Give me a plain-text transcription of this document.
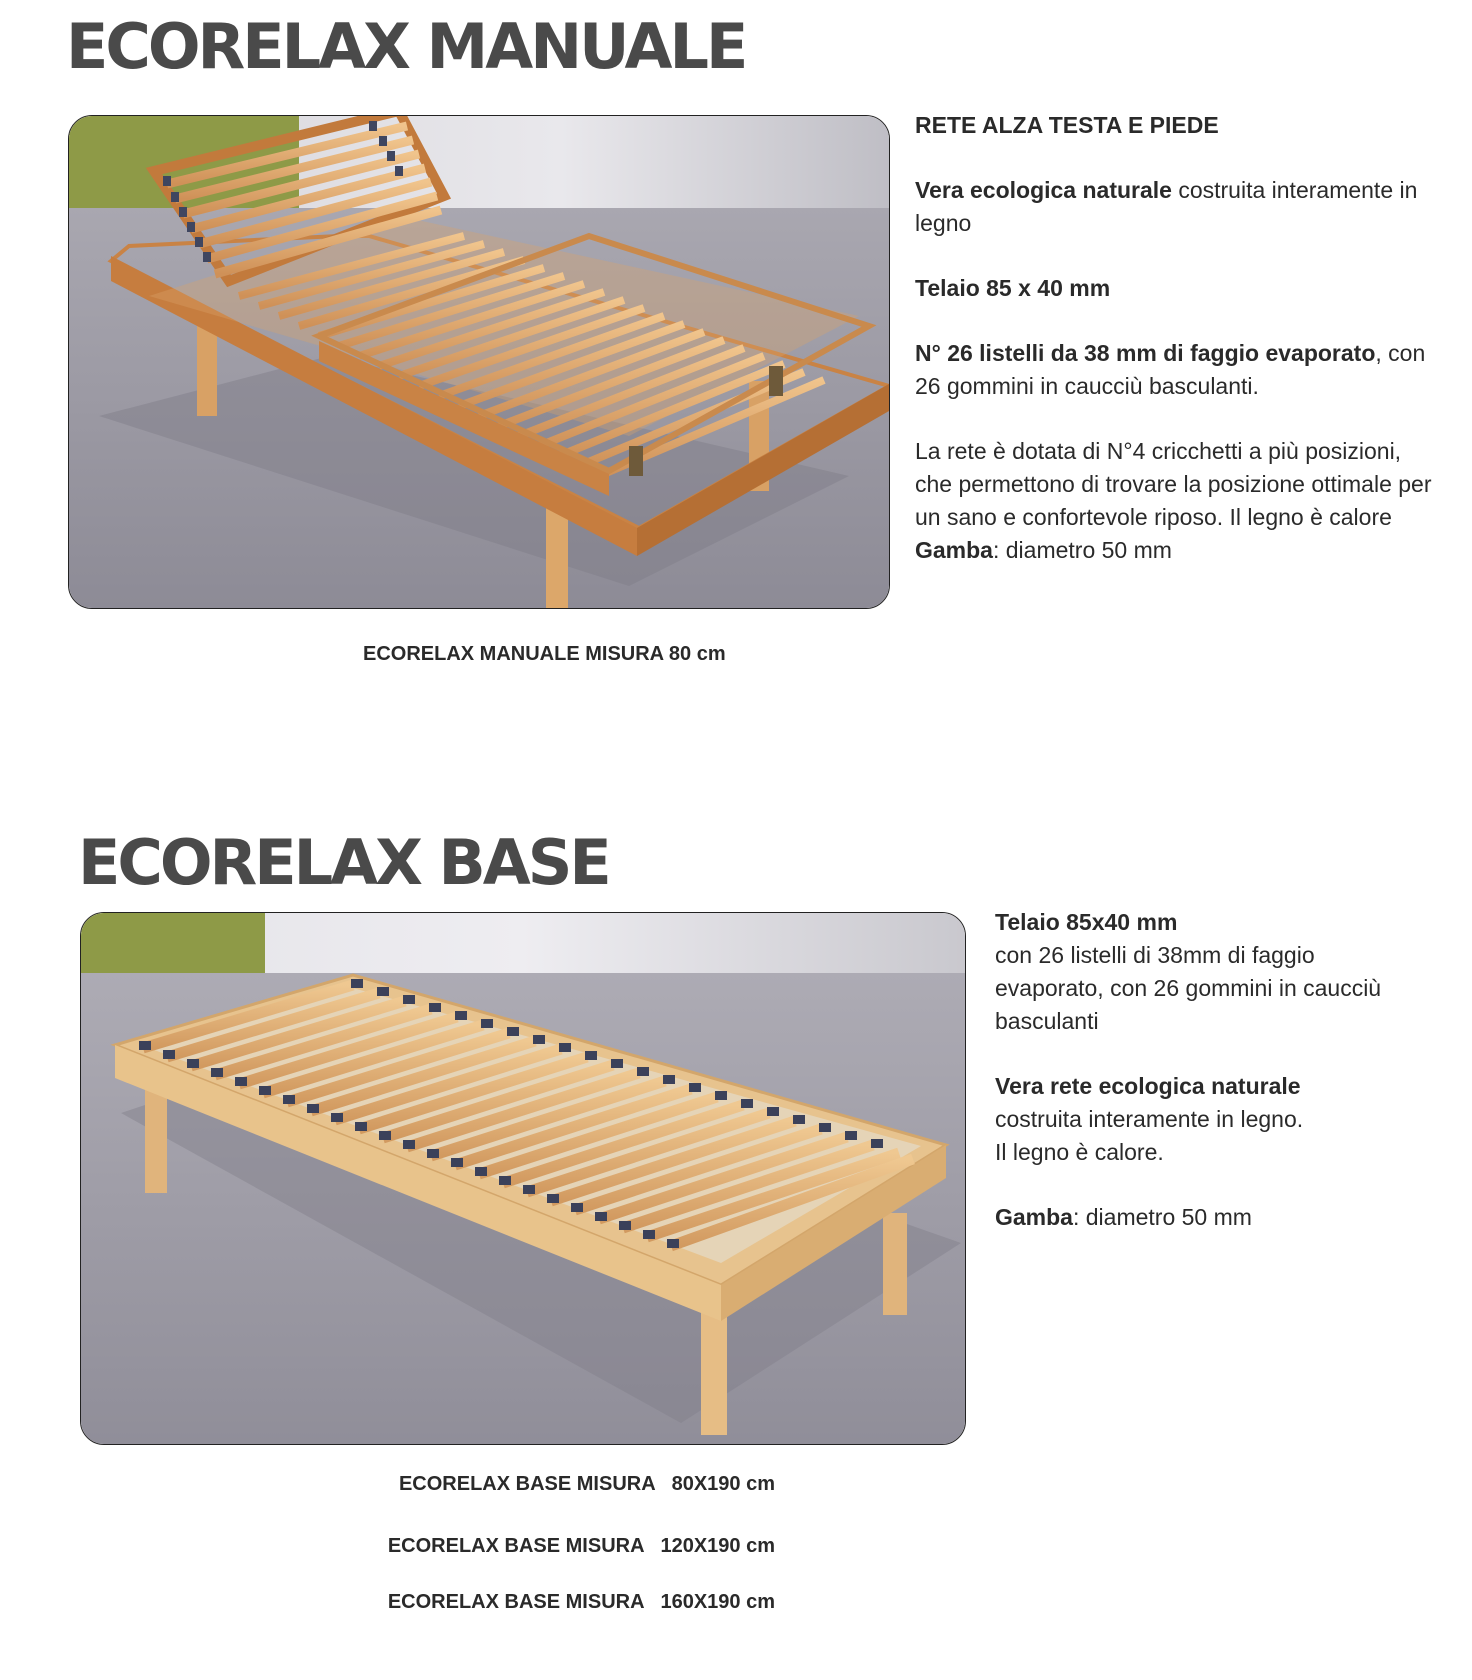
ECORELAX MANUALE

RETE ALZA TESTA E PIEDE

Vera ecologica naturale costruita interamente in legno

Telaio 85 x 40 mm

N° 26 listelli da 38 mm di faggio evaporato, con 26 gommini in caucciù basculanti.

La rete è dotata di N°4 cricchetti a più posizioni, che permettono di trovare la posizione ottimale per un sano e confortevole riposo. Il legno è calore
Gamba: diametro 50 mm

ECORELAX MANUALE MISURA 80 cm
ECORELAX BASE

Telaio 85x40 mm
con 26 listelli di 38mm di faggio evaporato, con 26 gommini in caucciù basculanti

Vera rete ecologica naturale
costruita interamente in legno.
Il legno è calore.

Gamba: diametro 50 mm

ECORELAX BASE MISURA   80X190 cm
ECORELAX BASE MISURA   120X190 cm
ECORELAX BASE MISURA   160X190 cm
